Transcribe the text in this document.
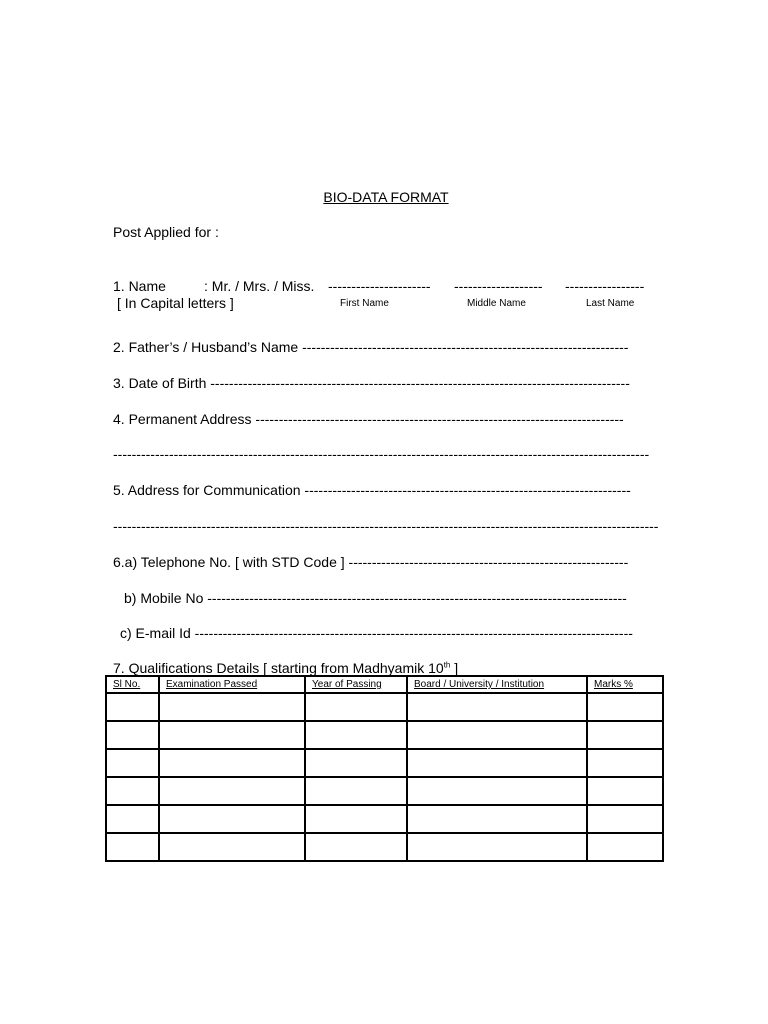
BIO-DATA FORMAT
Post Applied for :
1. Name	: Mr. / Mrs. / Miss. ---------------------- ------------------- -----------------
[ In Capital letters ]	First Name	Middle Name	Last Name
2. Father’s / Husband’s Name ----------------------------------------------------------------------
3. Date of Birth ------------------------------------------------------------------------------------------
4. Permanent Address -------------------------------------------------------------------------------
-------------------------------------------------------------------------------------------------------------------
5. Address for Communication ----------------------------------------------------------------------
---------------------------------------------------------------------------------------------------------------------
6.a) Telephone No. [ with STD Code ] ------------------------------------------------------------
b) Mobile No ------------------------------------------------------------------------------------------
c) E-mail Id ----------------------------------------------------------------------------------------------
7. Qualifications Details [ starting from Madhyamik 10th ]
Sl No.	Examination Passed	Year of Passing	Board / University / Institution	Marks %
